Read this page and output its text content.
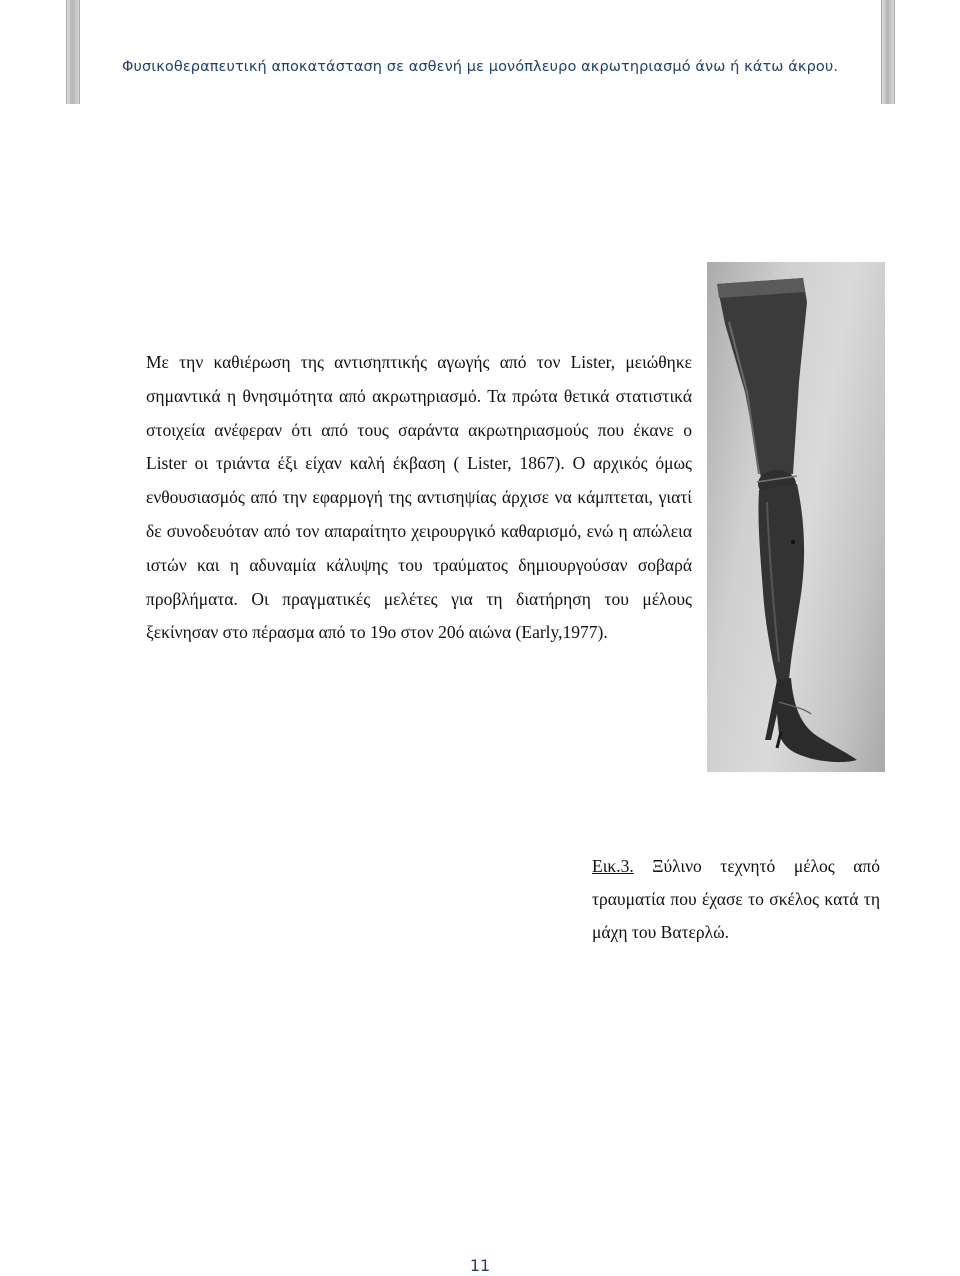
Φυσικοθεραπευτική αποκατάσταση σε ασθενή με μονόπλευρο ακρωτηριασμό άνω ή κάτω άκρου.

Με την καθιέρωση της αντισηπτικής αγωγής από τον Lister, μειώθηκε σημαντικά η θνησιμότητα από ακρωτηριασμό. Τα πρώτα θετικά στατιστικά στοιχεία ανέφεραν ότι από τους σαράντα ακρωτηριασμούς που έκανε ο Lister οι τριάντα έξι είχαν καλή έκβαση ( Lister, 1867). Ο αρχικός όμως ενθουσιασμός από την εφαρμογή της αντισηψίας άρχισε να κάμπτεται, γιατί δε συνοδευόταν από τον απαραίτητο χειρουργικό καθαρισμό, ενώ η απώλεια ιστών και η αδυναμία κάλυψης του τραύματος δημιουργούσαν σοβαρά προβλήματα. Οι πραγματικές μελέτες για τη διατήρηση του μέλους ξεκίνησαν στο πέρασμα από το 19ο στον 20ό αιώνα (Early,1977).

Εικ.3. Ξύλινο τεχνητό μέλος από τραυματία που έχασε το σκέλος κατά τη μάχη του Βατερλώ.

11
